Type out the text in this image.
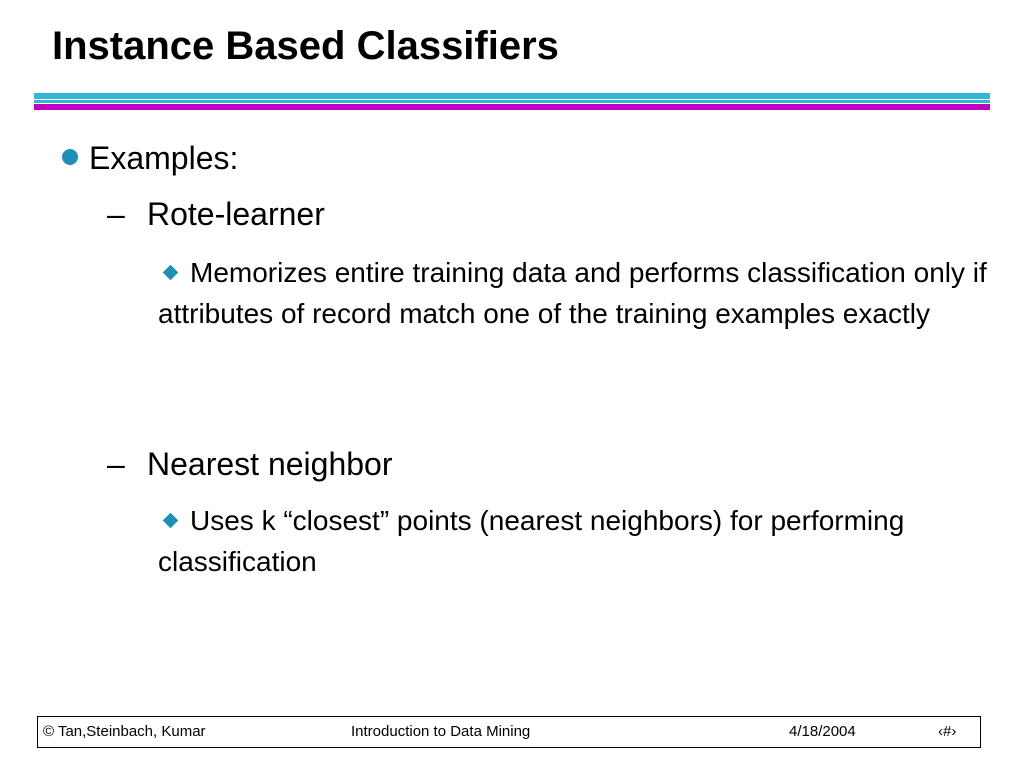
Instance Based Classifiers
Examples:
– Rote-learner
Memorizes entire training data and performs classification only if attributes of record match one of the training examples exactly
– Nearest neighbor
Uses k “closest” points (nearest neighbors) for performing classification
© Tan,Steinbach, Kumar	Introduction to Data Mining	4/18/2004	‹#›
